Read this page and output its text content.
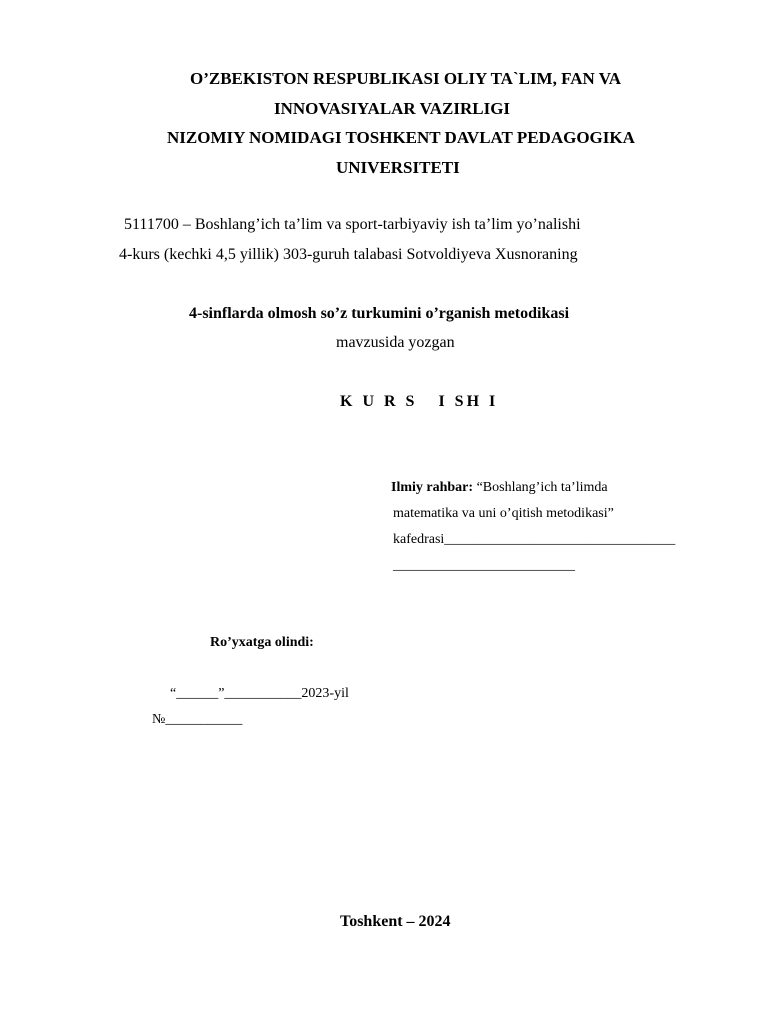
O’ZBEKISTON RESPUBLIKASI OLIY TA`LIM, FAN VA
INNOVASIYALAR VAZIRLIGI
NIZOMIY NOMIDAGI TOSHKENT DAVLAT PEDAGOGIKA
UNIVERSITETI
5111700 – Boshlang’ich ta’lim va sport-tarbiyaviy ish ta’lim yo’nalishi
4-kurs (kechki 4,5 yillik) 303-guruh talabasi Sotvoldiyeva Xusnoraning
4-sinflarda olmosh so’z turkumini o’rganish metodikasi
mavzusida yozgan
K U R S   I SH I
Ilmiy rahbar: “Boshlang’ich ta’limda
matematika va uni o’qitish metodikasi”
kafedrasi_________________________________
__________________________
Ro’yxatga olindi:
“______”___________2023-yil
№___________
Toshkent – 2024
